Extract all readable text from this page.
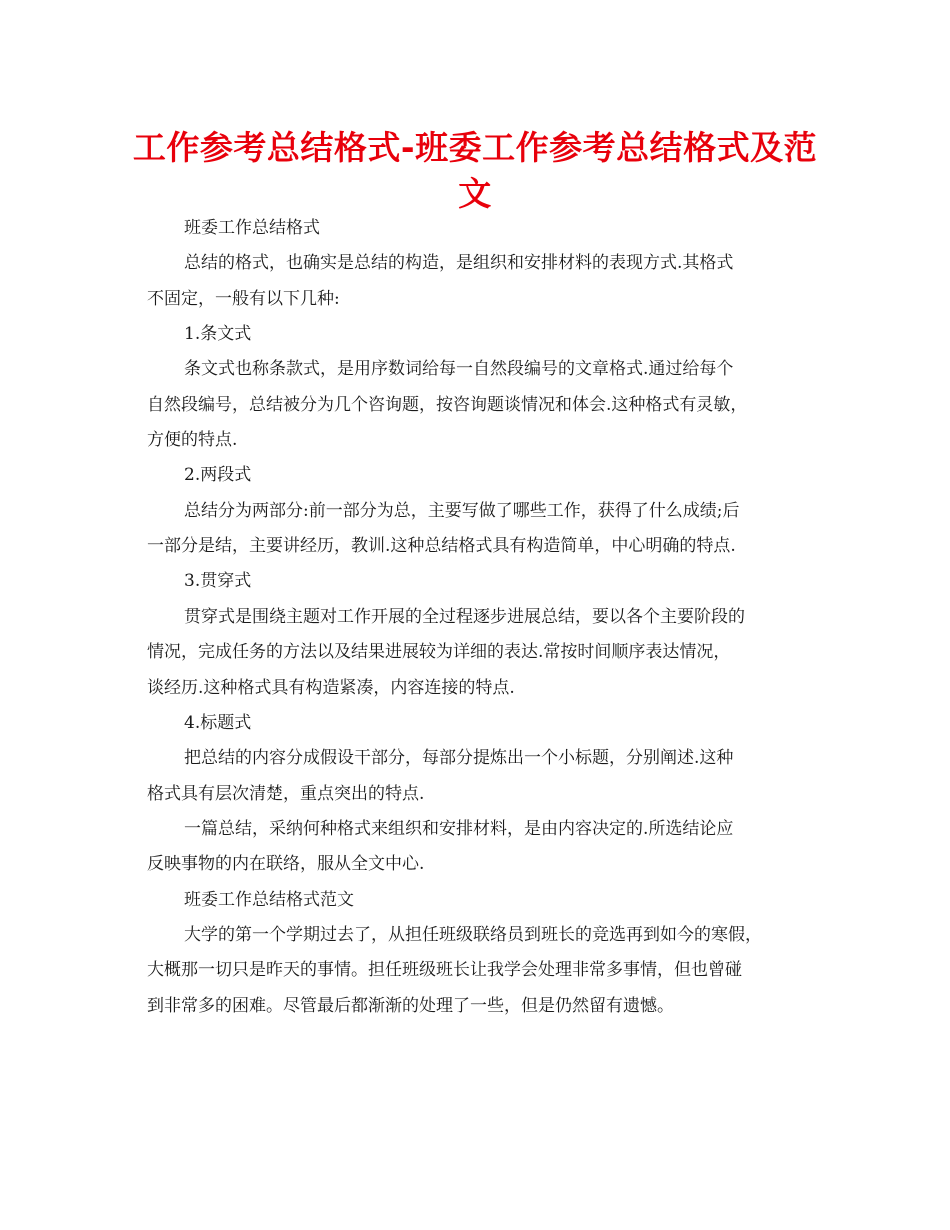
工作参考总结格式-班委工作参考总结格式及范
文
班委工作总结格式
总结的格式，也确实是总结的构造，是组织和安排材料的表现方式.其格式
不固定，一般有以下几种:
1.条文式
条文式也称条款式，是用序数词给每一自然段编号的文章格式.通过给每个
自然段编号，总结被分为几个咨询题，按咨询题谈情况和体会.这种格式有灵敏，
方便的特点.
2.两段式
总结分为两部分:前一部分为总，主要写做了哪些工作，获得了什么成绩;后
一部分是结，主要讲经历，教训.这种总结格式具有构造简单，中心明确的特点.
3.贯穿式
贯穿式是围绕主题对工作开展的全过程逐步进展总结，要以各个主要阶段的
情况，完成任务的方法以及结果进展较为详细的表达.常按时间顺序表达情况，
谈经历.这种格式具有构造紧凑，内容连接的特点.
4.标题式
把总结的内容分成假设干部分，每部分提炼出一个小标题，分别阐述.这种
格式具有层次清楚，重点突出的特点.
一篇总结，采纳何种格式来组织和安排材料，是由内容决定的.所选结论应
反映事物的内在联络，服从全文中心.
班委工作总结格式范文
大学的第一个学期过去了，从担任班级联络员到班长的竞选再到如今的寒假，
大概那一切只是昨天的事情。担任班级班长让我学会处理非常多事情，但也曾碰
到非常多的困难。尽管最后都渐渐的处理了一些，但是仍然留有遗憾。
